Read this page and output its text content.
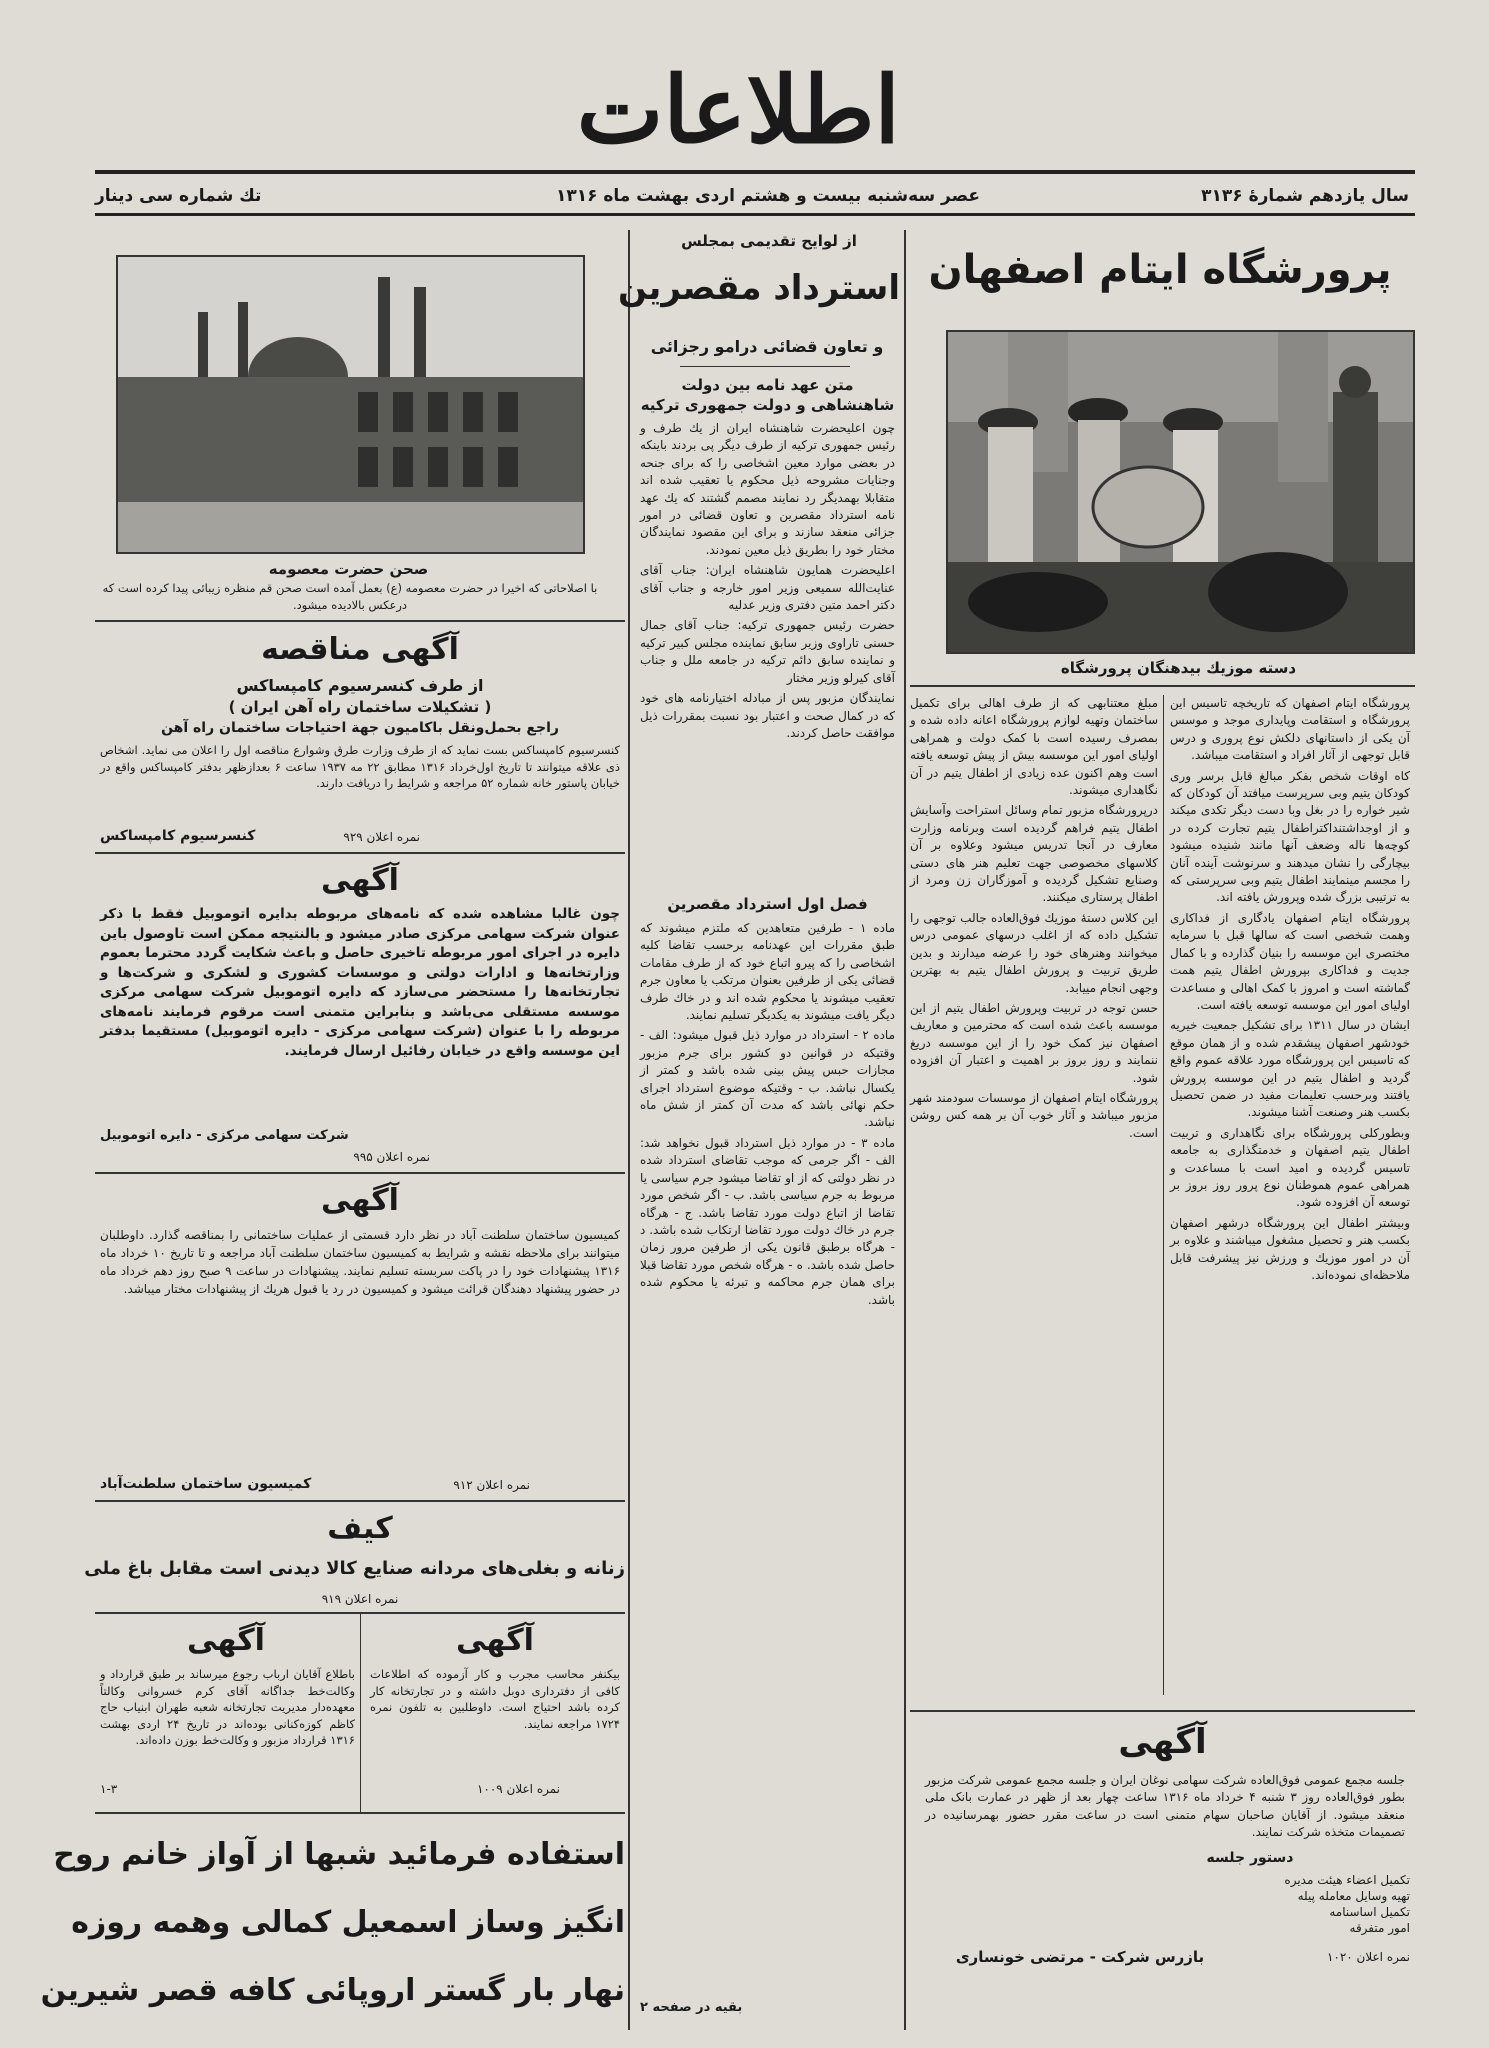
اطلاعات
سال یازدهم شمارهٔ ۳۱۳۶
عصر سه‌شنبه بیست و هشتم اردی بهشت ماه ۱۳۱۶
تك شماره سی دینار
پرورشگاه ایتام اصفهان
دسته موزیك بیدهنگان پرورشگاه

پرورشگاه ایتام اصفهان که تاریخچه تاسیس این پرورشگاه و استقامت وپایداری موجد و موسس آن یکی از داستانهای دلکش نوع پروری و درس قابل توجهی از آثار افراد و استقامت میباشد.

کاه اوقات شخص بفکر مبالغ قابل برسر وری کودکان یتیم وبی سرپرست میافتد آن کودکان که شیر خواره را در بغل وبا دست دیگر تکدی میکند و از اوجداشتنداکتراطفال یتیم تجارت کرده در کوچه‌ها ناله وضعف آنها مانند شنیده میشود بیچارگی را نشان میدهند و سرنوشت آینده آنان را مجسم مینمایند اطفال یتیم وبی سرپرستی که به ترتیبی بزرگ شده وپرورش یافته اند.

پرورشگاه ایتام اصفهان یادگاری از فداکاری وهمت شخصی است که سالها قبل با سرمایه مختصری این موسسه را بنیان گذارده و با کمال جدیت و فداکاری بپرورش اطفال یتیم همت گماشته است و امروز با کمک اهالی و مساعدت اولیای امور این موسسه توسعه یافته است.

ایشان در سال ۱۳۱۱ برای تشکیل جمعیت خیریه خودشهر اصفهان پیشقدم شده و از همان موقع که تاسیس این پرورشگاه مورد علاقه عموم واقع گردید و اطفال یتیم در این موسسه پرورش یافتند وبرحسب تعلیمات مفید در ضمن تحصیل بکسب هنر وصنعت آشنا میشوند.

وبطورکلی پرورشگاه برای نگاهداری و تربیت اطفال یتیم اصفهان و خدمتگذاری به جامعه تاسیس گردیده و امید است با مساعدت و همراهی عموم هموطنان نوع پرور روز بروز بر توسعه آن افزوده شود.

وبیشتر اطفال این پرورشگاه درشهر اصفهان بکسب هنر و تحصیل مشغول میباشند و علاوه بر آن در امور موزیك و ورزش نیز پیشرفت قابل ملاحظه‌ای نموده‌اند.

مبلغ معتنابهی که از طرف اهالی برای تکمیل ساختمان وتهیه لوازم پرورشگاه اعانه داده شده و بمصرف رسیده است با کمک دولت و همراهی اولیای امور این موسسه بیش از پیش توسعه یافته است وهم اکنون عده زیادی از اطفال یتیم در آن نگاهداری میشوند.

درپرورشگاه مزبور تمام وسائل استراحت وآسایش اطفال یتیم فراهم گردیده است وبرنامه وزارت معارف در آنجا تدریس میشود وعلاوه بر آن کلاسهای مخصوصی جهت تعلیم هنر های دستی وصنایع تشکیل گردیده و آموزگاران زن ومرد از اطفال پرستاری میکنند.

این کلاس دستهٔ موزیك فوق‌العاده جالب توجهی را تشکیل داده که از اغلب درسهای عمومی درس میخوانند وهنرهای خود را عرضه میدارند و بدین طریق تربیت و پرورش اطفال یتیم به بهترین وجهی انجام مییابد.

حسن توجه در تربیت وپرورش اطفال یتیم از این موسسه باعث شده است که محترمین و معاریف اصفهان نیز کمک خود را از این موسسه دریغ ننمایند و روز بروز بر اهمیت و اعتبار آن افزوده شود.

پرورشگاه ایتام اصفهان از موسسات سودمند شهر مزبور میباشد و آثار خوب آن بر همه کس روشن است.

آگهی
جلسه مجمع عمومی فوق‌العاده شرکت سهامی نوغان ایران و جلسه مجمع عمومی شرکت مزبور بطور فوق‌العاده روز ۳ شنبه ۴ خرداد ماه ۱۳۱۶ ساعت چهار بعد از ظهر در عمارت بانک ملی منعقد میشود. از آقایان صاحبان سهام متمنی است در ساعت مقرر حضور بهمرسانیده در تصمیمات متخذه شرکت نمایند.
دستور جلسه
تکمیل اعضاء هیئت مدیره
تهیه وسایل معامله پیله
تکمیل اساسنامه
امور متفرقه
نمره اعلان ۱۰۲۰
بازرس شرکت - مرتضی خونساری
از لوایح تقدیمی بمجلس
استرداد مقصرین
و تعاون قضائی درامو رجزائی
متن عهد نامه بین دولت شاهنشاهی و دولت جمهوری ترکیه

چون اعلیحضرت شاهنشاه ایران از یك طرف و رئیس جمهوری ترکیه از طرف دیگر پی بردند باینکه در بعضی موارد معین اشخاصی را که برای جنحه وجنایات مشروحه ذیل محکوم یا تعقیب شده اند متقابلا بهمدیگر رد نمایند مصمم گشتند که یك عهد نامه استرداد مقصرین و تعاون قضائی در امور جزائی منعقد سازند و برای این مقصود نمایندگان مختار خود را بطریق ذیل معین نمودند.

اعلیحضرت همایون شاهنشاه ایران: جناب آقای عنایت‌الله سمیعی وزیر امور خارجه و جناب آقای دکتر احمد متین دفتری وزیر عدلیه

حضرت رئیس جمهوری ترکیه: جناب آقای جمال حسنی تاراوی وزیر سابق نماینده مجلس کبیر ترکیه و نماینده سابق دائم ترکیه در جامعه ملل و جناب آقای کیرلو وزیر مختار

نمایندگان مزبور پس از مبادله اختیارنامه های خود که در کمال صحت و اعتبار بود نسبت بمقررات ذیل موافقت حاصل کردند.

فصل اول استرداد مقصرین

ماده ۱ - طرفین متعاهدین که ملتزم میشوند که طبق مقررات این عهدنامه برحسب تقاضا کلیه اشخاصی را که پیرو اتباع خود که از طرف مقامات قضائی یکی از طرفین بعنوان مرتکب یا معاون جرم تعقیب میشوند یا محکوم شده اند و در خاك طرف دیگر یافت میشوند به یکدیگر تسلیم نمایند.

ماده ۲ - استرداد در موارد ذیل قبول میشود: الف - وقتیکه در قوانین دو کشور برای جرم مزبور مجازات حبس پیش بینی شده باشد و کمتر از یکسال نباشد. ب - وقتیکه موضوع استرداد اجرای حکم نهائی باشد که مدت آن کمتر از شش ماه نباشد.

ماده ۳ - در موارد ذیل استرداد قبول نخواهد شد: الف - اگر جرمی که موجب تقاضای استرداد شده در نظر دولتی که از او تقاضا میشود جرم سیاسی یا مربوط به جرم سیاسی باشد. ب - اگر شخص مورد تقاضا از اتباع دولت مورد تقاضا باشد. ج - هرگاه جرم در خاك دولت مورد تقاضا ارتکاب شده باشد. د - هرگاه برطبق قانون یکی از طرفین مرور زمان حاصل شده باشد. ه - هرگاه شخص مورد تقاضا قبلا برای همان جرم محاکمه و تبرئه یا محکوم شده باشد.

بقیه در صفحه ۲
صحن حضرت معصومه
با اصلاحاتی که اخیرا در حضرت معصومه (ع) بعمل آمده است صحن قم منظره زیبائی پیدا کرده است که درعکس بالادیده میشود.
آگهی مناقصه
از طرف کنسرسیوم کامپساکس
( تشکیلات ساختمان راه آهن ایران )
راجع بحمل‌ونقل باکامیون جهة احتیاجات ساختمان راه آهن
کنسرسیوم کامپساکس بست نماید که از طرف وزارت طرق وشوارع مناقصه اول را اعلان می نماید. اشخاص ذی علاقه میتوانند تا تاریخ اول‌خرداد ۱۳۱۶ مطابق ۲۲ مه ۱۹۳۷ ساعت ۶ بعدازظهر بدفتر کامپساکس واقع در خیابان پاستور خانه شماره ۵۲ مراجعه و شرایط را دریافت دارند.
نمره اعلان ۹۲۹
کنسرسیوم کامپساکس
آگهی
چون غالبا مشاهده شده که نامه‌های مربوطه بدایره اتوموبیل فقط با ذکر عنوان شرکت سهامی مرکزی صادر میشود و بالنتیجه ممکن است تاوصول باین دایره در اجرای امور مربوطه تاخیری حاصل و باعث شکایت گردد محترما بعموم وزارتخانه‌ها و ادارات دولتی و موسسات کشوری و لشکری و شرکت‌ها و تجارتخانه‌ها را مستحضر می‌سازد که دایره اتوموبیل شرکت سهامی مرکزی موسسه مستقلی می‌باشد و بنابراین متمنی است مرقوم فرمایند نامه‌های مربوطه را با عنوان (شرکت سهامی مرکزی - دایره اتوموبیل) مستقیما بدفتر این موسسه واقع در خیابان رفائیل ارسال فرمایند.
نمره اعلان ۹۹۵
شرکت سهامی مرکزی - دایره اتوموبیل
آگهی
کمیسیون ساختمان سلطنت آباد در نظر دارد قسمتی از عملیات ساختمانی را بمناقصه گذارد. داوطلبان میتوانند برای ملاحظه نقشه و شرایط به کمیسیون ساختمان سلطنت آباد مراجعه و تا تاریخ ۱۰ خرداد ماه ۱۳۱۶ پیشنهادات خود را در پاکت سربسته تسلیم نمایند. پیشنهادات در ساعت ۹ صبح روز دهم خرداد ماه در حضور پیشنهاد دهندگان قرائت میشود و کمیسیون در رد یا قبول هریك از پیشنهادات مختار میباشد.
نمره اعلان ۹۱۲
کمیسیون ساختمان سلطنت‌آباد
کیف
زنانه‌ و بغلی‌های مردانه صنایع کالا دیدنی است مقابل باغ ملی
نمره اعلان ۹۱۹
آگهی
بیکنفر محاسب مجرب و کار آزموده که اطلاعات کافی از دفترداری دوبل داشته و در تجارتخانه کار کرده باشد احتیاج است. داوطلبین به تلفون نمره ۱۷۲۴ مراجعه نمایند.
نمره اعلان ۱۰۰۹
آگهی
باطلاع آقایان ارباب رجوع میرساند بر طبق قرارداد و وکالت‌خط جداگانه آقای کرم خسروانی وکالتاً معهده‌دار مدیریت تجارتخانه شعبه طهران ابنیاب حاج کاظم کوزه‌کنانی بوده‌اند در تاریخ ۲۴ اردی بهشت ۱۳۱۶ قرارداد مزبور و وکالت‌خط بوزن‌ داده‌اند.
۱-۳
استفاده فرمائید شبها از آواز خانم روح
انگیز وساز اسمعیل کمالی وهمه روزه
نهار بار گستر اروپائی کافه قصر شیرین
